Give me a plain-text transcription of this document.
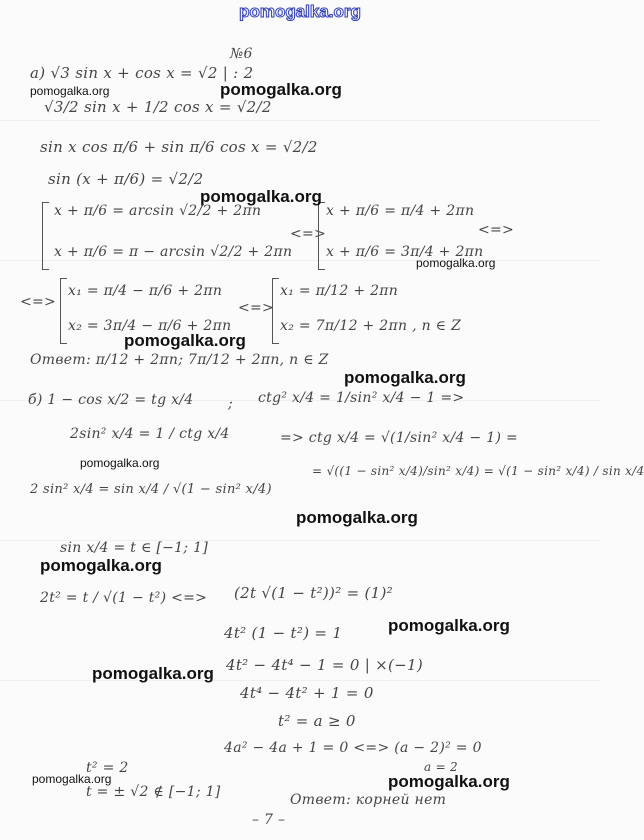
pomogalka.org
№6
a) √3 sin x + cos x = √2 | : 2
√3/2 sin x + 1/2 cos x = √2/2
sin x cos π/6 + sin π/6 cos x = √2/2
sin (x + π/6) = √2/2
x + π/6 = arcsin √2/2 + 2πn
x + π/6 = π − arcsin √2/2 + 2πn
<=>
x + π/6 = π/4 + 2πn
x + π/6 = 3π/4 + 2πn
<=>
<=>
x₁ = π/4 − π/6 + 2πn
x₂ = 3π/4 − π/6 + 2πn
<=>
x₁ = π/12 + 2πn
x₂ = 7π/12 + 2πn , n ∈ Z
Ответ: π/12 + 2πn; 7π/12 + 2πn, n ∈ Z
б) 1 − cos x/2 = tg x/4 ; ctg² x/4 = 1/sin² x/4 − 1 =>
2sin² x/4 = 1 / ctg x/4	=> ctg x/4 = √(1/sin² x/4 − 1) =
2 sin² x/4 = sin x/4 / √(1 − sin² x/4)
= √((1 − sin² x/4)/sin² x/4) = √(1 − sin² x/4) / sin x/4
sin x/4 = t ∈ [−1; 1]
2t² = t / √(1 − t²) <=> (2t √(1 − t²))² = (1)²
4t² (1 − t²) = 1
4t² − 4t⁴ − 1 = 0 | ×(−1)
4t⁴ − 4t² + 1 = 0
t² = a ≥ 0
4a² − 4a + 1 = 0 <=> (a − 2)² = 0
a = 2
t² = 2
t = ± √2 ∉ [−1; 1]	Ответ: корней нет
– 7 –
pomogalka.org	pomogalka.org
pomogalka.org
pomogalka.org
pomogalka.org
pomogalka.org
pomogalka.org
pomogalka.org
pomogalka.org
pomogalka.org
pomogalka.org
pomogalka.org	pomogalka.org
